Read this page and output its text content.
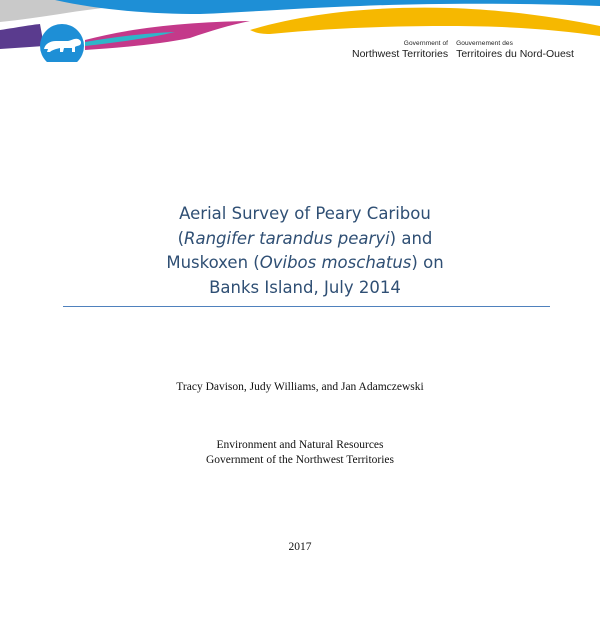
Government of
Northwest Territories
Gouvernement des
Territoires du Nord-Ouest
Aerial Survey of Peary Caribou
(Rangifer tarandus pearyi) and
Muskoxen (Ovibos moschatus) on
Banks Island, July 2014
Tracy Davison, Judy Williams, and Jan Adamczewski
Environment and Natural Resources
Government of the Northwest Territories
2017
